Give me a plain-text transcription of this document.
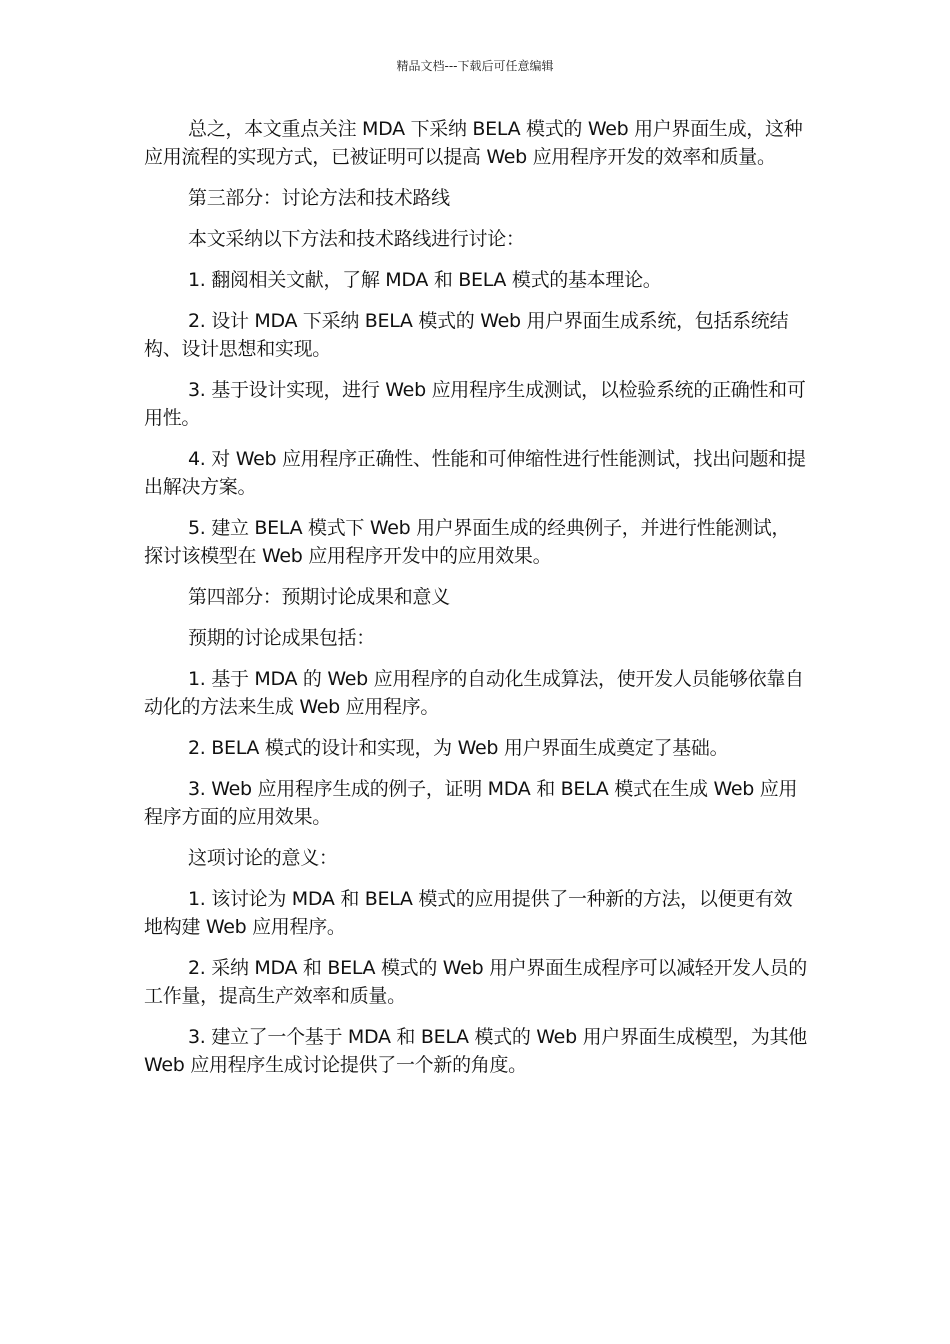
精品文档---下载后可任意编辑

总之，本文重点关注 MDA 下采纳 BELA 模式的 Web 用户界面生成，这种应用流程的实现方式，已被证明可以提高 Web 应用程序开发的效率和质量。

第三部分：讨论方法和技术路线

本文采纳以下方法和技术路线进行讨论：

1. 翻阅相关文献，了解 MDA 和 BELA 模式的基本理论。

2. 设计 MDA 下采纳 BELA 模式的 Web 用户界面生成系统，包括系统结构、设计思想和实现。

3. 基于设计实现，进行 Web 应用程序生成测试，以检验系统的正确性和可用性。

4. 对 Web 应用程序正确性、性能和可伸缩性进行性能测试，找出问题和提出解决方案。

5. 建立 BELA 模式下 Web 用户界面生成的经典例子，并进行性能测试，探讨该模型在 Web 应用程序开发中的应用效果。

第四部分：预期讨论成果和意义

预期的讨论成果包括：

1. 基于 MDA 的 Web 应用程序的自动化生成算法，使开发人员能够依靠自动化的方法来生成 Web 应用程序。

2. BELA 模式的设计和实现，为 Web 用户界面生成奠定了基础。

3. Web 应用程序生成的例子，证明 MDA 和 BELA 模式在生成 Web 应用程序方面的应用效果。

这项讨论的意义：

1. 该讨论为 MDA 和 BELA 模式的应用提供了一种新的方法，以便更有效地构建 Web 应用程序。

2. 采纳 MDA 和 BELA 模式的 Web 用户界面生成程序可以减轻开发人员的工作量，提高生产效率和质量。

3. 建立了一个基于 MDA 和 BELA 模式的 Web 用户界面生成模型，为其他 Web 应用程序生成讨论提供了一个新的角度。
